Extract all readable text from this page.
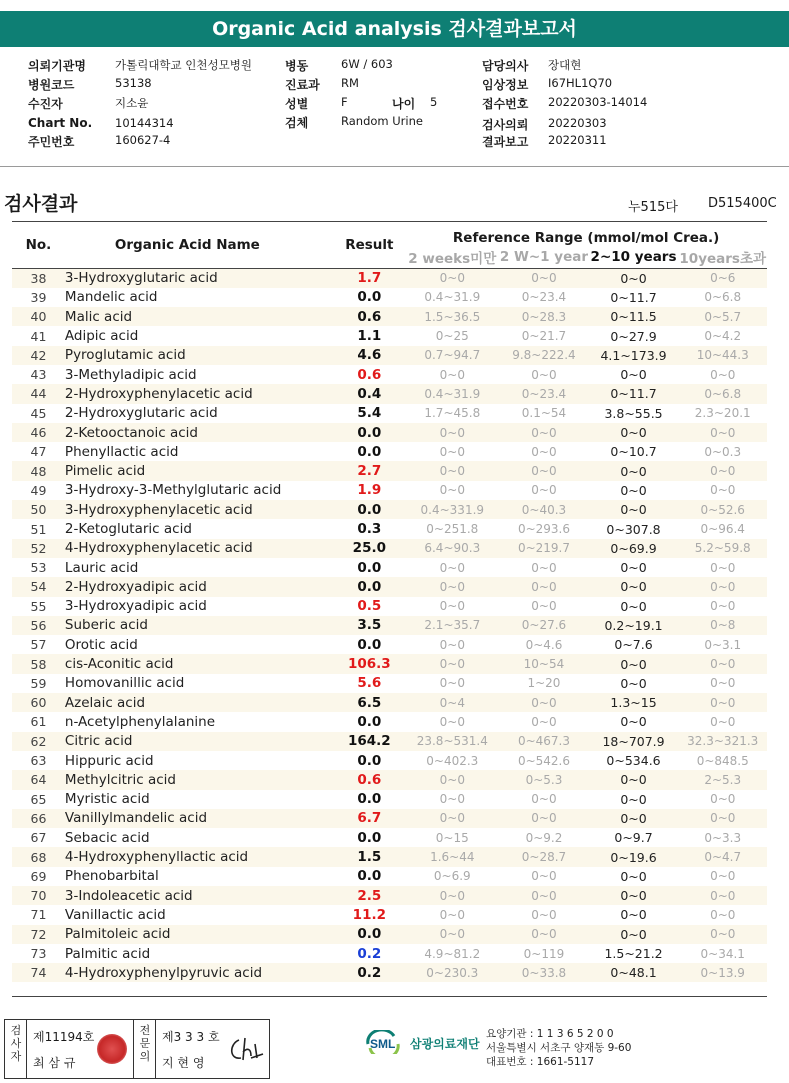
Organic Acid analysis 검사결과보고서
의뢰기관명	가톨릭대학교 인천성모병원
병원코드	53138
수진자	지소윤
Chart No. 10144314
주민번호	160627-4
병동	6W / 603
진료과 RM
성별	F	나이 5
검체	Random Urine
담당의사 장대현
임상정보 I67HL1Q70
접수번호 20220303-14014
검사의뢰 20220303
결과보고 20220311
검사결과	누515다 D515400C
No.	Organic Acid Name	Result	Reference Range (mmol/mol Crea.)			
			2 weeks미만	2 W~1 year	2~10 years	10years초과
38	3-Hydroxyglutaric acid	1.7	0~0	0~0	0~0	0~6
39	Mandelic acid	0.0	0.4~31.9	0~23.4	0~11.7	0~6.8
40	Malic acid	0.6	1.5~36.5	0~28.3	0~11.5	0~5.7
41	Adipic acid	1.1	0~25	0~21.7	0~27.9	0~4.2
42	Pyroglutamic acid	4.6	0.7~94.7	9.8~222.4	4.1~173.9	10~44.3
43	3-Methyladipic acid	0.6	0~0	0~0	0~0	0~0
44	2-Hydroxyphenylacetic acid	0.4	0.4~31.9	0~23.4	0~11.7	0~6.8
45	2-Hydroxyglutaric acid	5.4	1.7~45.8	0.1~54	3.8~55.5	2.3~20.1
46	2-Ketooctanoic acid	0.0	0~0	0~0	0~0	0~0
47	Phenyllactic acid	0.0	0~0	0~0	0~10.7	0~0.3
48	Pimelic acid	2.7	0~0	0~0	0~0	0~0
49	3-Hydroxy-3-Methylglutaric acid	1.9	0~0	0~0	0~0	0~0
50	3-Hydroxyphenylacetic acid	0.0	0.4~331.9	0~40.3	0~0	0~52.6
51	2-Ketoglutaric acid	0.3	0~251.8	0~293.6	0~307.8	0~96.4
52	4-Hydroxyphenylacetic acid	25.0	6.4~90.3	0~219.7	0~69.9	5.2~59.8
53	Lauric acid	0.0	0~0	0~0	0~0	0~0
54	2-Hydroxyadipic acid	0.0	0~0	0~0	0~0	0~0
55	3-Hydroxyadipic acid	0.5	0~0	0~0	0~0	0~0
56	Suberic acid	3.5	2.1~35.7	0~27.6	0.2~19.1	0~8
57	Orotic acid	0.0	0~0	0~4.6	0~7.6	0~3.1
58	cis-Aconitic acid	106.3	0~0	10~54	0~0	0~0
59	Homovanillic acid	5.6	0~0	1~20	0~0	0~0
60	Azelaic acid	6.5	0~4	0~0	1.3~15	0~0
61	n-Acetylphenylalanine	0.0	0~0	0~0	0~0	0~0
62	Citric acid	164.2	23.8~531.4	0~467.3	18~707.9	32.3~321.3
63	Hippuric acid	0.0	0~402.3	0~542.6	0~534.6	0~848.5
64	Methylcitric acid	0.6	0~0	0~5.3	0~0	2~5.3
65	Myristic acid	0.0	0~0	0~0	0~0	0~0
66	Vanillylmandelic acid	6.7	0~0	0~0	0~0	0~0
67	Sebacic acid	0.0	0~15	0~9.2	0~9.7	0~3.3
68	4-Hydroxyphenyllactic acid	1.5	1.6~44	0~28.7	0~19.6	0~4.7
69	Phenobarbital	0.0	0~6.9	0~0	0~0	0~0
70	3-Indoleacetic acid	2.5	0~0	0~0	0~0	0~0
71	Vanillactic acid	11.2	0~0	0~0	0~0	0~0
72	Palmitoleic acid	0.0	0~0	0~0	0~0	0~0
73	Palmitic acid	0.2	4.9~81.2	0~119	1.5~21.2	0~34.1
74	4-Hydroxyphenylpyruvic acid	0.2	0~230.3	0~33.8	0~48.1	0~13.9
검사자
제11194호
최 삼 규
전문의
제3 3 3 호
지 현 영
SML 삼광의료재단
요양기관 : 1 1 3 6 5 2 0 0
서울특별시 서초구 양재동 9-60
대표번호 : 1661-5117
